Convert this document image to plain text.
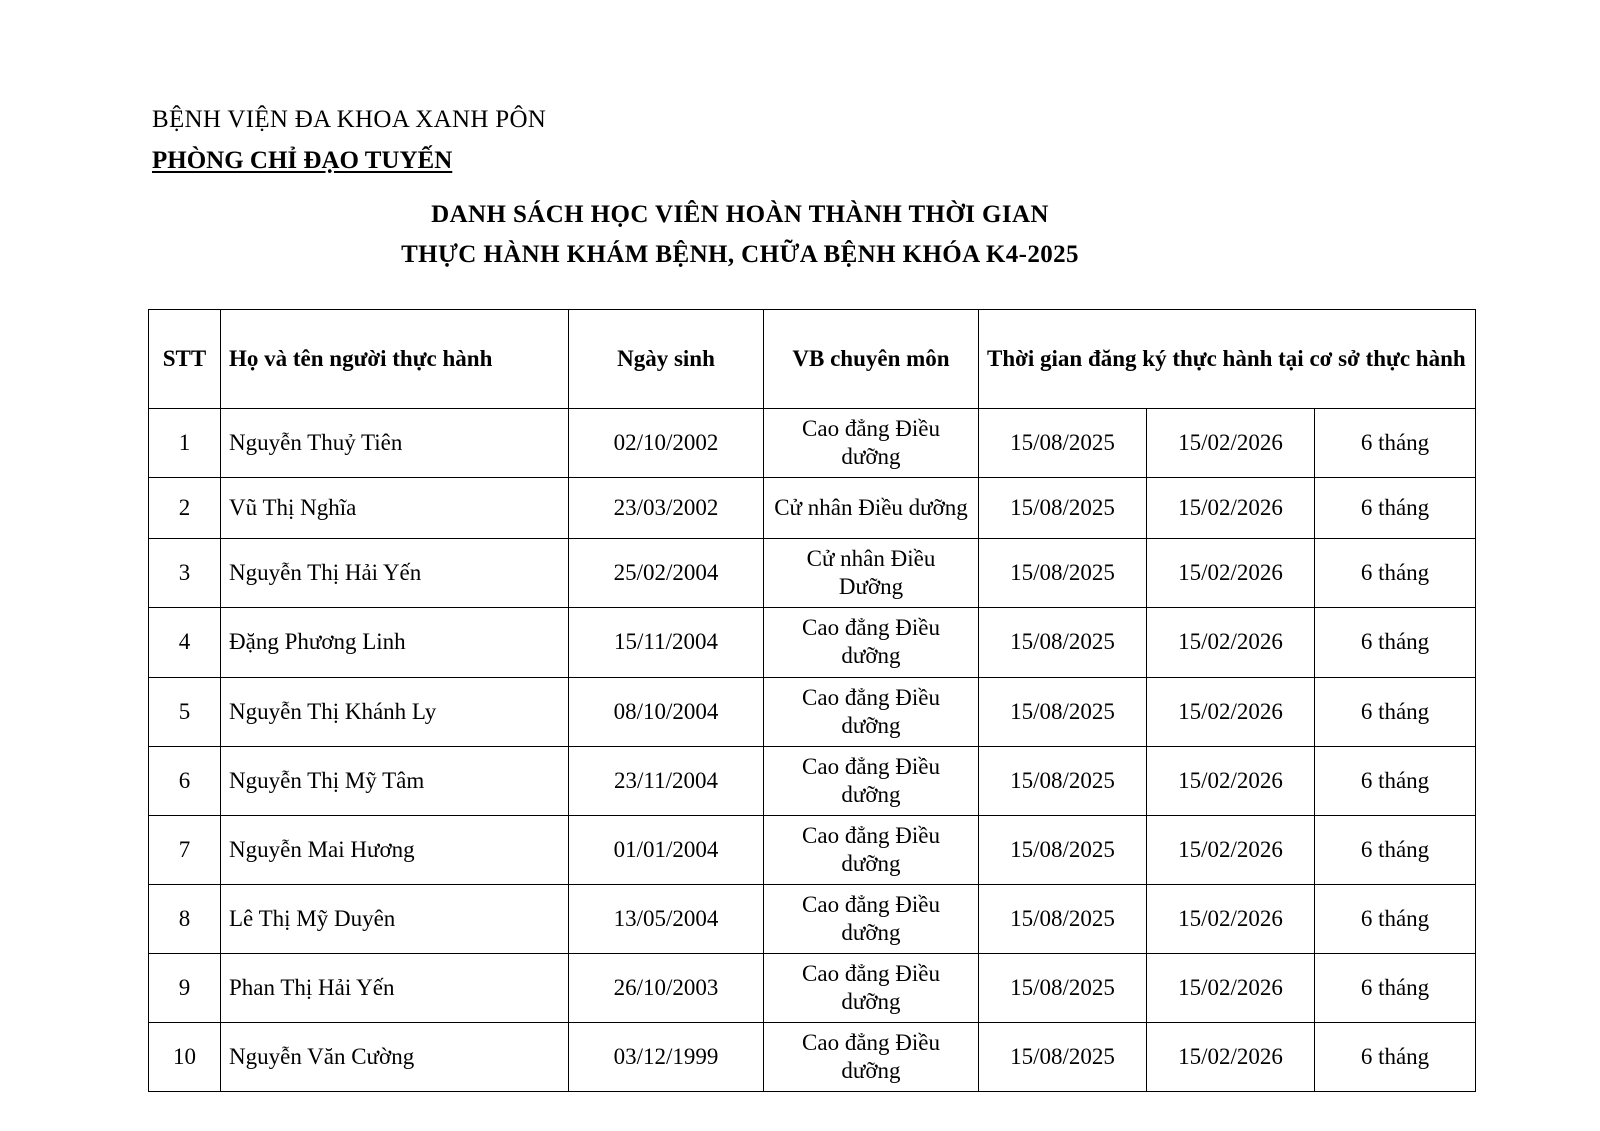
BỆNH VIỆN ĐA KHOA XANH PÔN
PHÒNG CHỈ ĐẠO TUYẾN
DANH SÁCH HỌC VIÊN HOÀN THÀNH THỜI GIAN
THỰC HÀNH KHÁM BỆNH, CHỮA BỆNH KHÓA K4-2025
STT	Họ và tên người thực hành	Ngày sinh	VB chuyên môn	Thời gian đăng ký thực hành tại cơ sở thực hành		
1	Nguyễn Thuỷ Tiên	02/10/2002	Cao đẳng Điều dưỡng	15/08/2025	15/02/2026	6 tháng
2	Vũ Thị Nghĩa	23/03/2002	Cử nhân Điều dưỡng	15/08/2025	15/02/2026	6 tháng
3	Nguyễn Thị Hải Yến	25/02/2004	Cử nhân Điều Dưỡng	15/08/2025	15/02/2026	6 tháng
4	Đặng Phương Linh	15/11/2004	Cao đẳng Điều dưỡng	15/08/2025	15/02/2026	6 tháng
5	Nguyễn Thị Khánh Ly	08/10/2004	Cao đẳng Điều dưỡng	15/08/2025	15/02/2026	6 tháng
6	Nguyễn Thị Mỹ Tâm	23/11/2004	Cao đẳng Điều dưỡng	15/08/2025	15/02/2026	6 tháng
7	Nguyễn Mai Hương	01/01/2004	Cao đẳng Điều dưỡng	15/08/2025	15/02/2026	6 tháng
8	Lê Thị Mỹ Duyên	13/05/2004	Cao đẳng Điều dưỡng	15/08/2025	15/02/2026	6 tháng
9	Phan Thị Hải Yến	26/10/2003	Cao đẳng Điều dưỡng	15/08/2025	15/02/2026	6 tháng
10	Nguyễn Văn Cường	03/12/1999	Cao đẳng Điều dưỡng	15/08/2025	15/02/2026	6 tháng
